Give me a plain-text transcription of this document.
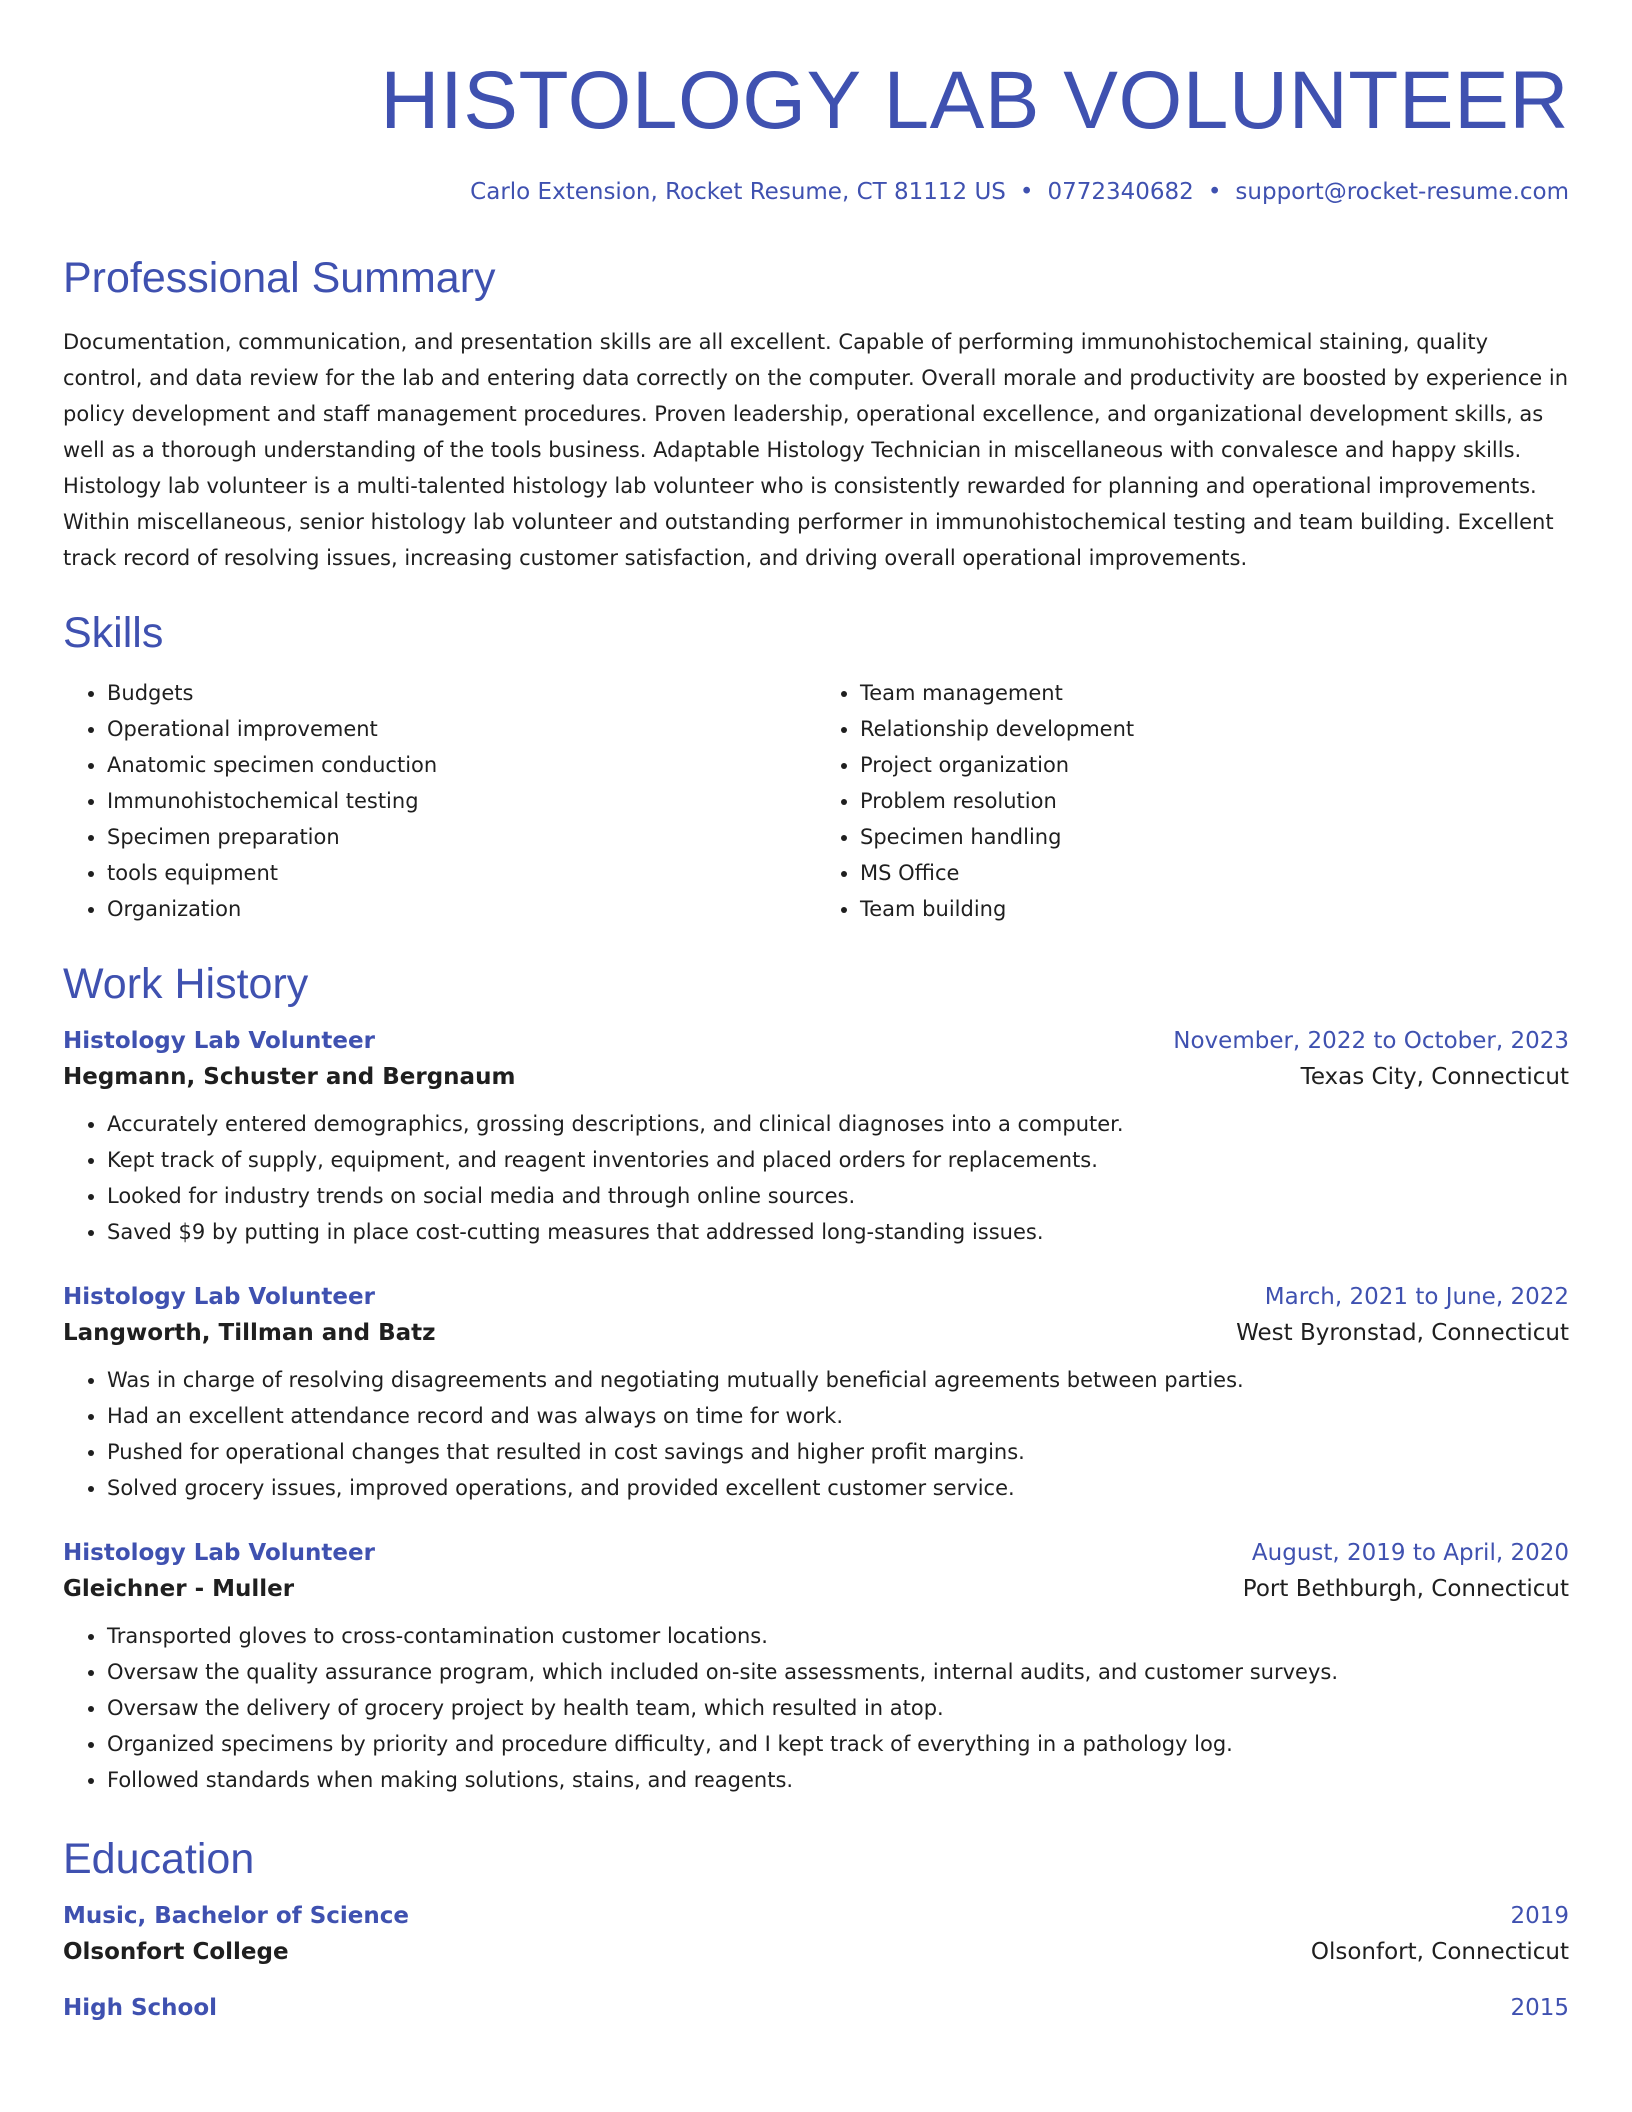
HISTOLOGY LAB VOLUNTEER
Carlo Extension, Rocket Resume, CT 81112 US • 0772340682 • support@rocket-resume.com
Professional Summary

Documentation, communication, and presentation skills are all excellent. Capable of performing immunohistochemical staining, quality control, and data review for the lab and entering data correctly on the computer. Overall morale and productivity are boosted by experience in policy development and staff management procedures. Proven leadership, operational excellence, and organizational development skills, as well as a thorough understanding of the tools business. Adaptable Histology Technician in miscellaneous with convalesce and happy skills. Histology lab volunteer is a multi-talented histology lab volunteer who is consistently rewarded for planning and operational improvements. Within miscellaneous, senior histology lab volunteer and outstanding performer in immunohistochemical testing and team building. Excellent track record of resolving issues, increasing customer satisfaction, and driving overall operational improvements.

Skills
• Budgets
• Operational improvement
• Anatomic specimen conduction
• Immunohistochemical testing
• Specimen preparation
• tools equipment
• Organization
• Team management
• Relationship development
• Project organization
• Problem resolution
• Specimen handling
• MS Office
• Team building
Work History
Histology Lab Volunteer	November, 2022 to October, 2023
Hegmann, Schuster and Bergnaum	Texas City, Connecticut
• Accurately entered demographics, grossing descriptions, and clinical diagnoses into a computer.
• Kept track of supply, equipment, and reagent inventories and placed orders for replacements.
• Looked for industry trends on social media and through online sources.
• Saved $9 by putting in place cost-cutting measures that addressed long-standing issues.
Histology Lab Volunteer	March, 2021 to June, 2022
Langworth, Tillman and Batz	West Byronstad, Connecticut
• Was in charge of resolving disagreements and negotiating mutually beneficial agreements between parties.
• Had an excellent attendance record and was always on time for work.
• Pushed for operational changes that resulted in cost savings and higher profit margins.
• Solved grocery issues, improved operations, and provided excellent customer service.
Histology Lab Volunteer	August, 2019 to April, 2020
Gleichner - Muller	Port Bethburgh, Connecticut
• Transported gloves to cross-contamination customer locations.
• Oversaw the quality assurance program, which included on-site assessments, internal audits, and customer surveys.
• Oversaw the delivery of grocery project by health team, which resulted in atop.
• Organized specimens by priority and procedure difficulty, and I kept track of everything in a pathology log.
• Followed standards when making solutions, stains, and reagents.
Education
Music, Bachelor of Science	2019
Olsonfort College	Olsonfort, Connecticut
High School	2015
